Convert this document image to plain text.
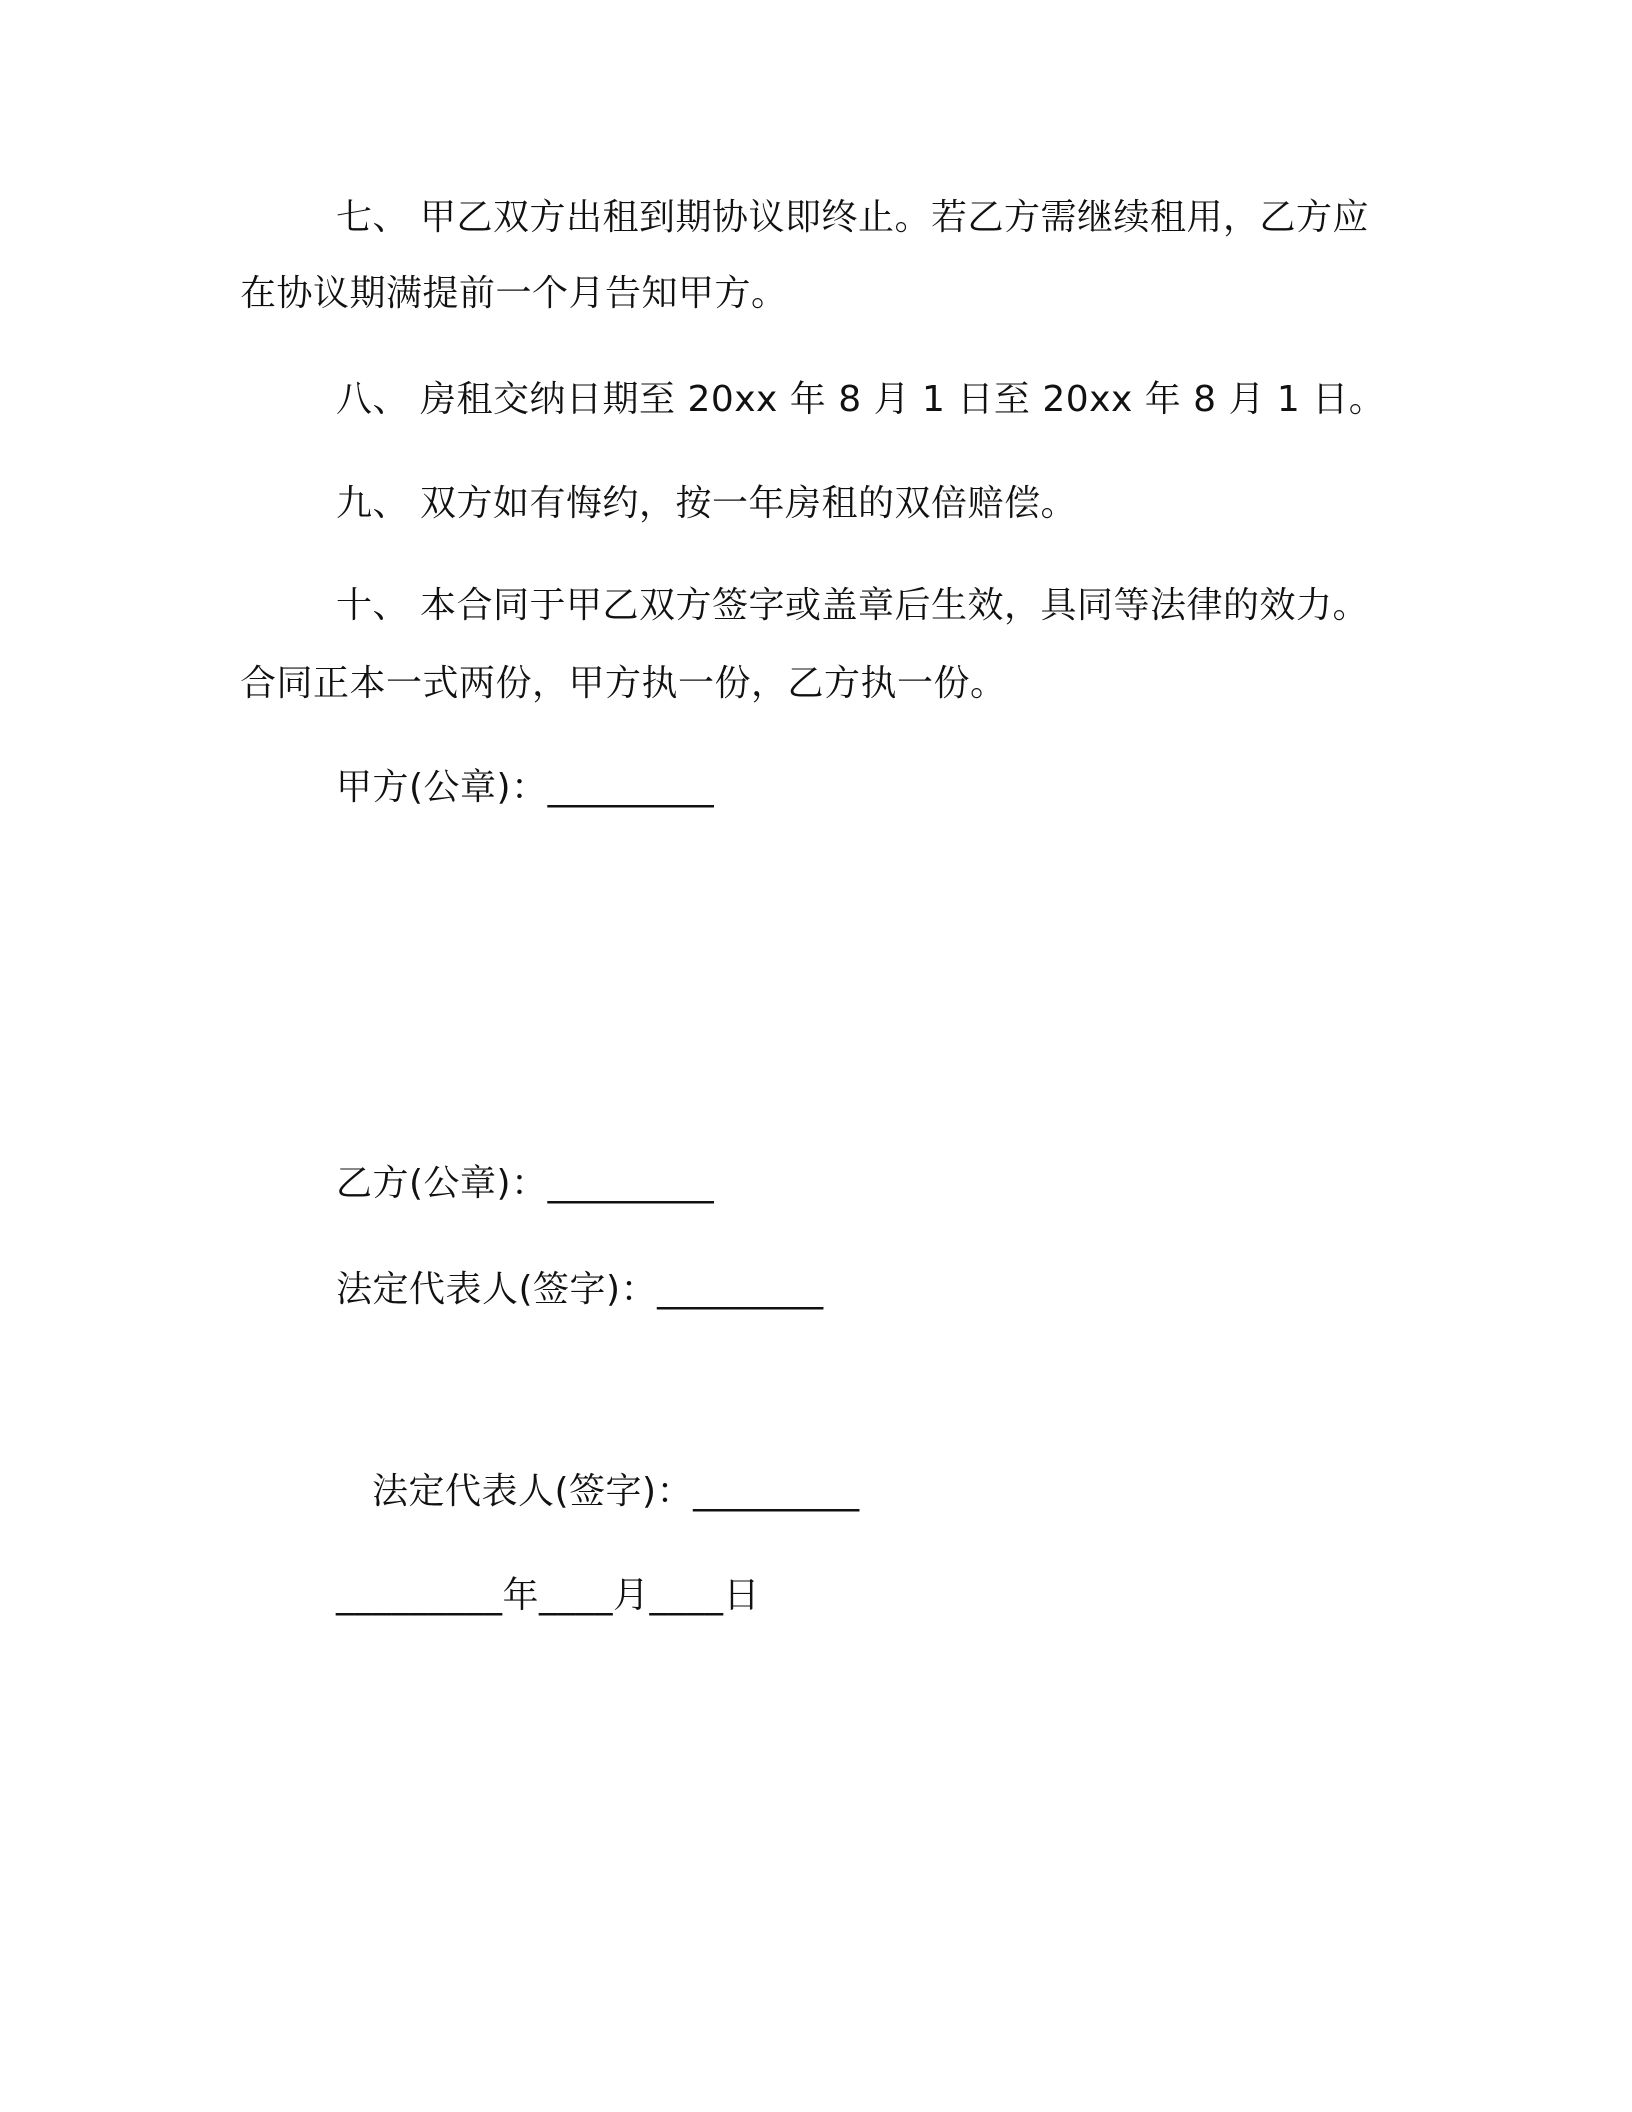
七、 甲乙双方出租到期协议即终止。若乙方需继续租用，乙方应
在协议期满提前一个月告知甲方。
八、 房租交纳日期至 20xx 年 8 月 1 日至 20xx 年 8 月 1 日。
九、 双方如有悔约，按一年房租的双倍赔偿。
十、 本合同于甲乙双方签字或盖章后生效，具同等法律的效力。
合同正本一式两份，甲方执一份，乙方执一份。
甲方(公章)：_________
乙方(公章)：_________
法定代表人(签字)：_________
法定代表人(签字)：_________
_________年____月____日
